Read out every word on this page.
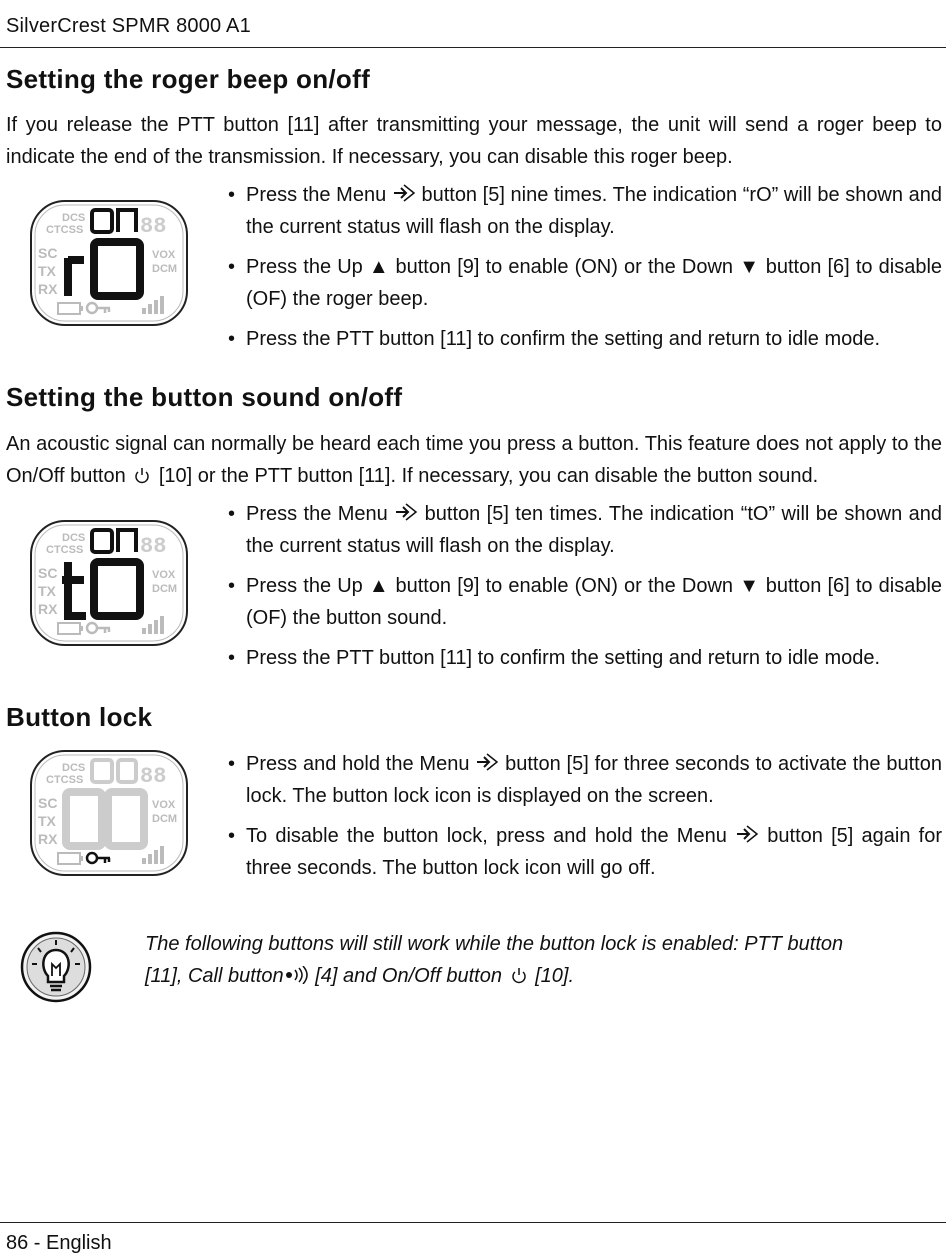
SilverCrest SPMR 8000 A1
Setting the roger beep on/off

If you release the PTT button [11] after transmitting your message, the unit will send a roger beep to indicate the end of the transmission. If necessary, you can disable this roger beep.

DCS
CTCSS
SC
TX
RX
VOX
DCM
88
• Press the Menu button [5] nine times. The indication “rO” will be shown and the current status will flash on the display.
• Press the Up ▲ button [9] to enable (ON) or the Down ▼ button [6] to disable (OF) the roger beep.
• Press the PTT button [11] to confirm the setting and return to idle mode.
Setting the button sound on/off

An acoustic signal can normally be heard each time you press a button. This feature does not apply to the On/Off button [10] or the PTT button [11]. If necessary, you can disable the button sound.

DCS
CTCSS
SC
TX
RX
VOX
DCM
88
• Press the Menu button [5] ten times. The indication “tO” will be shown and the current status will flash on the display.
• Press the Up ▲ button [9] to enable (ON) or the Down ▼ button [6] to disable (OF) the button sound.
• Press the PTT button [11] to confirm the setting and return to idle mode.
Button lock
DCS
CTCSS
SC
TX
RX
VOX
DCM
88
•	Press and hold the Menu button [5] for three seconds to activate the button lock. The button lock icon is displayed on the screen.
• To disable the button lock, press and hold the Menu button [5] again for three seconds. The button lock icon will go off.

The following buttons will still work while the button lock is enabled: PTT button
[11], Call button [4] and On/Off button [10].

86 - English
